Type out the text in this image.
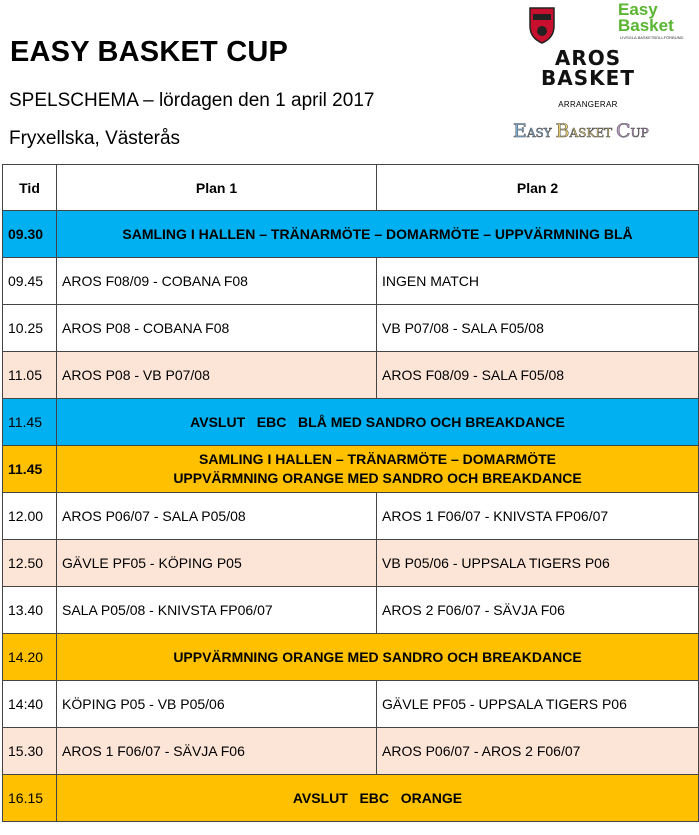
EASY BASKET CUP
SPELSCHEMA – lördagen den 1 april 2017
Fryxellska, Västerås
Easy
Basket
LIVSGLA BASKETBOLLFÖRBUND
AROS
BASKET
ARRANGERAR
EASY BASKET CUP
Tid	Plan 1	Plan 2
09.30	SAMLING I HALLEN – TRÄNARMÖTE – DOMARMÖTE – UPPVÄRMNING BLÅ	
09.45	AROS F08/09 - COBANA F08	INGEN MATCH
10.25	AROS P08 - COBANA F08	VB P07/08 - SALA F05/08
11.05	AROS P08 - VB P07/08	AROS F08/09 - SALA F05/08
11.45	AVSLUT   EBC   BLÅ MED SANDRO OCH BREAKDANCE	
11.45	SAMLING I HALLEN – TRÄNARMÖTE – DOMARMÖTE
UPPVÄRMNING ORANGE MED SANDRO OCH BREAKDANCE	

12.00	AROS P06/07 - SALA P05/08	AROS 1 F06/07 - KNIVSTA FP06/07
12.50	GÄVLE PF05 - KÖPING P05	VB P05/06 - UPPSALA TIGERS P06
13.40	SALA P05/08 - KNIVSTA FP06/07	AROS 2 F06/07 - SÄVJA F06
14.20	UPPVÄRMNING ORANGE MED SANDRO OCH BREAKDANCE	
14:40	KÖPING P05 - VB P05/06	GÄVLE PF05 - UPPSALA TIGERS P06
15.30	AROS 1 F06/07 - SÄVJA F06	AROS P06/07 - AROS 2 F06/07
16.15	AVSLUT   EBC   ORANGE	
